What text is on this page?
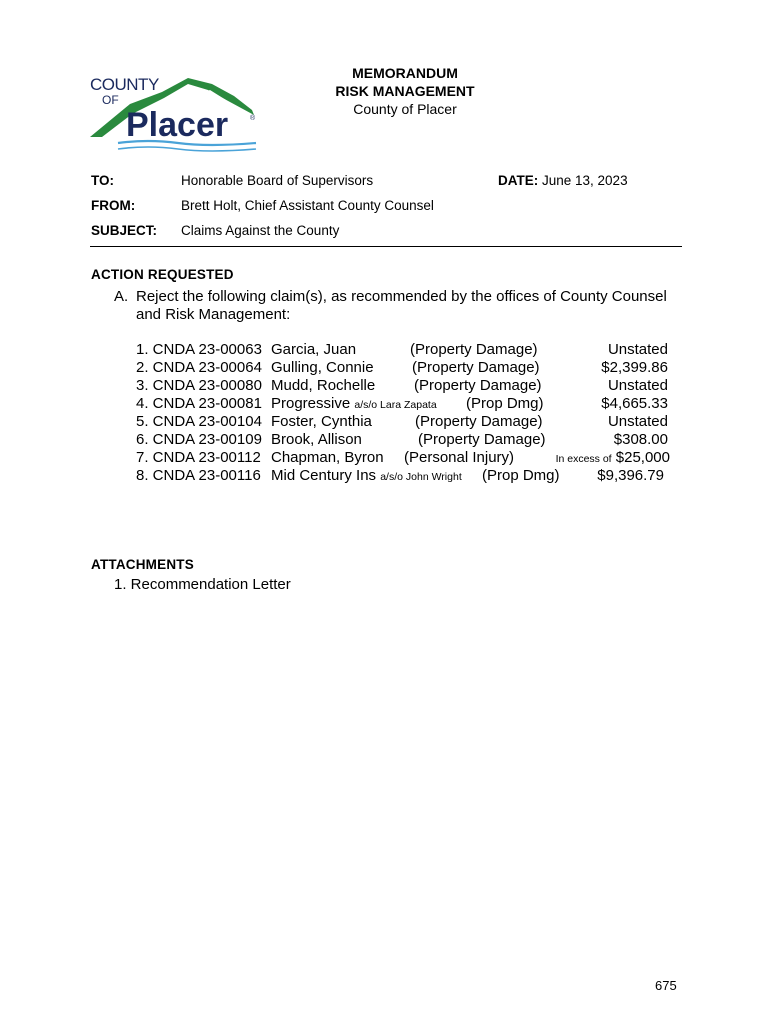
COUNTY
OF
Placer	®
MEMORANDUM
RISK MANAGEMENT
County of Placer
TO:	Honorable Board of Supervisors	DATE: June 13, 2023
FROM:	Brett Holt, Chief Assistant County Counsel
SUBJECT: Claims Against the County
ACTION REQUESTED
A. Reject the following claim(s), as recommended by the offices of County Counsel
and Risk Management:
1. CNDA 23-00063 Garcia, Juan	(Property Damage)	Unstated
2. CNDA 23-00064 Gulling, Connie	(Property Damage)	$2,399.86
3. CNDA 23-00080 Mudd, Rochelle	(Property Damage)	Unstated
4. CNDA 23-00081 Progressive a/s/o Lara Zapata (Prop Dmg)	$4,665.33
5. CNDA 23-00104 Foster, Cynthia	(Property Damage)	Unstated
6. CNDA 23-00109 Brook, Allison	(Property Damage)	$308.00
7. CNDA 23-00112 Chapman, Byron (Personal Injury)	In excess of $25,000
8. CNDA 23-00116 Mid Century Ins a/s/o John Wright (Prop Dmg)	$9,396.79
ATTACHMENTS
1. Recommendation Letter
675
